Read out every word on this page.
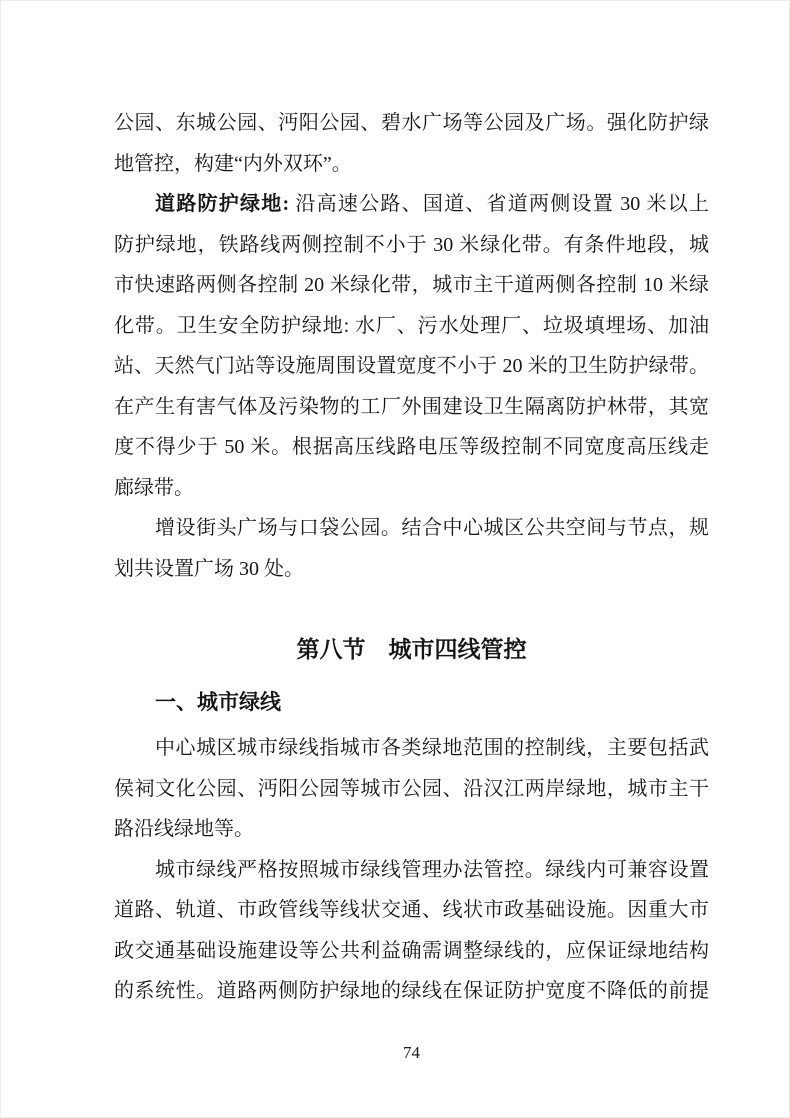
公园、东城公园、沔阳公园、碧水广场等公园及广场。强化防护绿
地管控，构建“内外双环”。
道路防护绿地: 沿高速公路、国道、省道两侧设置 30 米以上
防护绿地，铁路线两侧控制不小于 30 米绿化带。有条件地段，城
市快速路两侧各控制 20 米绿化带，城市主干道两侧各控制 10 米绿
化带。卫生安全防护绿地: 水厂、污水处理厂、垃圾填埋场、加油
站、天然气门站等设施周围设置宽度不小于 20 米的卫生防护绿带。
在产生有害气体及污染物的工厂外围建设卫生隔离防护林带，其宽
度不得少于 50 米。根据高压线路电压等级控制不同宽度高压线走
廊绿带。
增设街头广场与口袋公园。结合中心城区公共空间与节点，规
划共设置广场 30 处。
第八节　城市四线管控
一、城市绿线
中心城区城市绿线指城市各类绿地范围的控制线，主要包括武
侯祠文化公园、沔阳公园等城市公园、沿汉江两岸绿地，城市主干
路沿线绿地等。
城市绿线严格按照城市绿线管理办法管控。绿线内可兼容设置
道路、轨道、市政管线等线状交通、线状市政基础设施。因重大市
政交通基础设施建设等公共利益确需调整绿线的，应保证绿地结构
的系统性。道路两侧防护绿地的绿线在保证防护宽度不降低的前提
74
